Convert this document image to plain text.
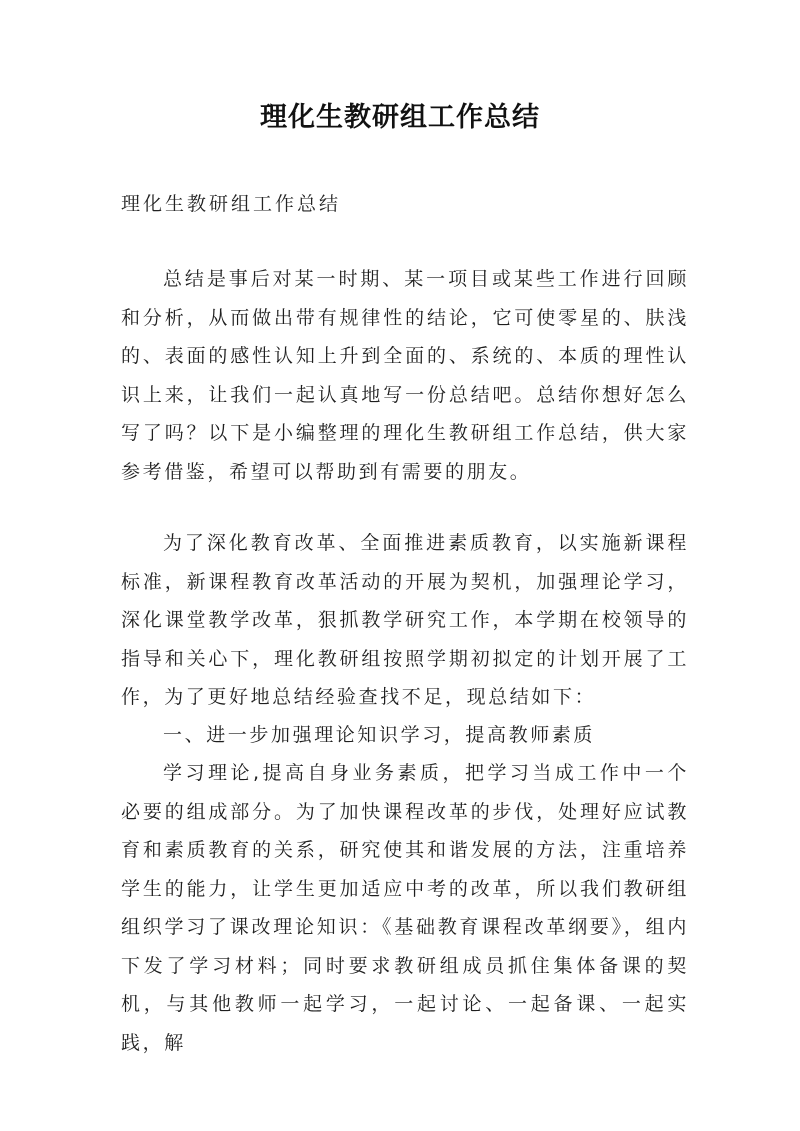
理化生教研组工作总结

理化生教研组工作总结

总结是事后对某一时期、某一项目或某些工作进行回顾和分析，从而做出带有规律性的结论，它可使零星的、肤浅的、表面的感性认知上升到全面的、系统的、本质的理性认识上来，让我们一起认真地写一份总结吧。总结你想好怎么写了吗？以下是小编整理的理化生教研组工作总结，供大家参考借鉴，希望可以帮助到有需要的朋友。

为了深化教育改革、全面推进素质教育，以实施新课程标准，新课程教育改革活动的开展为契机，加强理论学习，深化课堂教学改革，狠抓教学研究工作，本学期在校领导的指导和关心下，理化教研组按照学期初拟定的计划开展了工作，为了更好地总结经验查找不足，现总结如下：

一、进一步加强理论知识学习，提高教师素质

学习理论,提高自身业务素质，把学习当成工作中一个必要的组成部分。为了加快课程改革的步伐，处理好应试教育和素质教育的关系，研究使其和谐发展的方法，注重培养学生的能力，让学生更加适应中考的改革，所以我们教研组组织学习了课改理论知识：《基础教育课程改革纲要》，组内下发了学习材料；同时要求教研组成员抓住集体备课的契机，与其他教师一起学习，一起讨论、一起备课、一起实践，解
